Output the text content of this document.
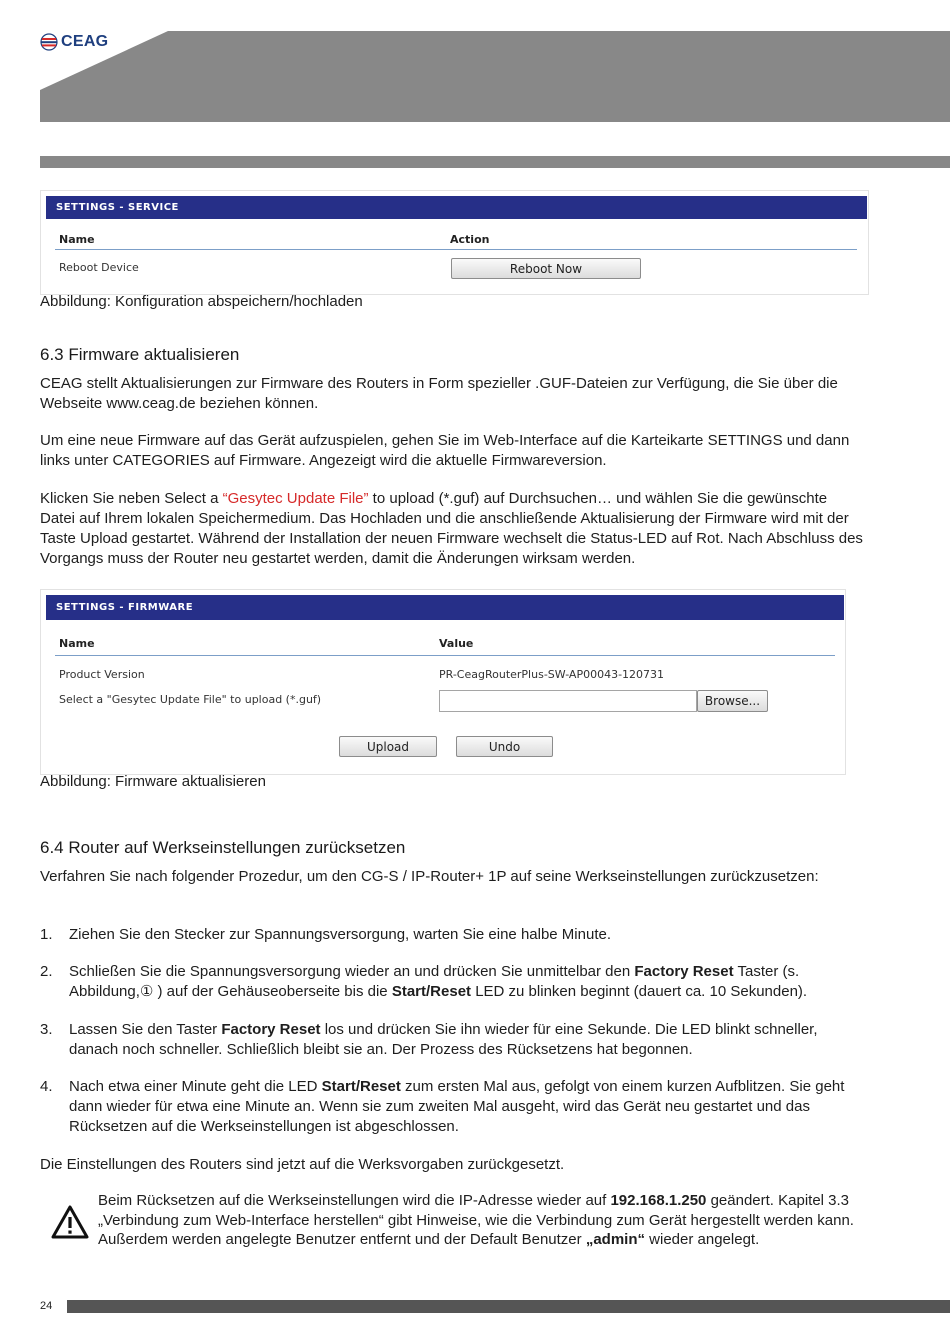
CEAG
SETTINGS - SERVICE
Name	Action
Reboot Device	Reboot Now
Abbildung: Konfiguration abspeichern/hochladen
6.3 Firmware aktualisieren
CEAG stellt Aktualisierungen zur Firmware des Routers in Form spezieller .GUF-Dateien zur Verfügung, die Sie über die Webseite www.ceag.de beziehen können.
Um eine neue Firmware auf das Gerät aufzuspielen, gehen Sie im Web-Interface auf die Karteikarte SETTINGS und dann links unter CATEGORIES auf Firmware. Angezeigt wird die aktuelle Firmwareversion.
Klicken Sie neben Select a “Gesytec Update File” to upload (*.guf) auf Durchsuchen… und wählen Sie die gewünschte Datei auf Ihrem lokalen Speichermedium. Das Hochladen und die anschließende Aktualisierung der Firmware wird mit der Taste Upload gestartet. Während der Installation der neuen Firmware wechselt die Status-LED auf Rot. Nach Abschluss des Vorgangs muss der Router neu gestartet werden, damit die Änderungen wirksam werden.
SETTINGS - FIRMWARE
Name	Value
Product Version	PR-CeagRouterPlus-SW-AP00043-120731
Select a "Gesytec Update File" to upload (*.guf)	Browse...
Upload	Undo
Abbildung: Firmware aktualisieren
6.4 Router auf Werkseinstellungen zurücksetzen
Verfahren Sie nach folgender Prozedur, um den CG-S / IP-Router+ 1P auf seine Werkseinstellungen zurückzusetzen:
1. Ziehen Sie den Stecker zur Spannungsversorgung, warten Sie eine halbe Minute.
2. Schließen Sie die Spannungsversorgung wieder an und drücken Sie unmittelbar den Factory Reset Taster (s. Abbildung,① ) auf der Gehäuseoberseite bis die Start/Reset LED zu blinken beginnt (dauert ca. 10 Sekunden).
3. Lassen Sie den Taster Factory Reset los und drücken Sie ihn wieder für eine Sekunde. Die LED blinkt schneller, danach noch schneller. Schließlich bleibt sie an. Der Prozess des Rücksetzens hat begonnen.
4. Nach etwa einer Minute geht die LED Start/Reset zum ersten Mal aus, gefolgt von einem kurzen Aufblitzen. Sie geht dann wieder für etwa eine Minute an. Wenn sie zum zweiten Mal ausgeht, wird das Gerät neu gestartet und das Rücksetzen auf die Werkseinstellungen ist abgeschlossen.
Die Einstellungen des Routers sind jetzt auf die Werksvorgaben zurückgesetzt.
Beim Rücksetzen auf die Werkseinstellungen wird die IP-Adresse wieder auf 192.168.1.250 geändert. Kapitel 3.3 „Verbindung zum Web-Interface herstellen“ gibt Hinweise, wie die Verbindung zum Gerät hergestellt werden kann. Außerdem werden angelegte Benutzer entfernt und der Default Benutzer „admin“ wieder angelegt.
24
